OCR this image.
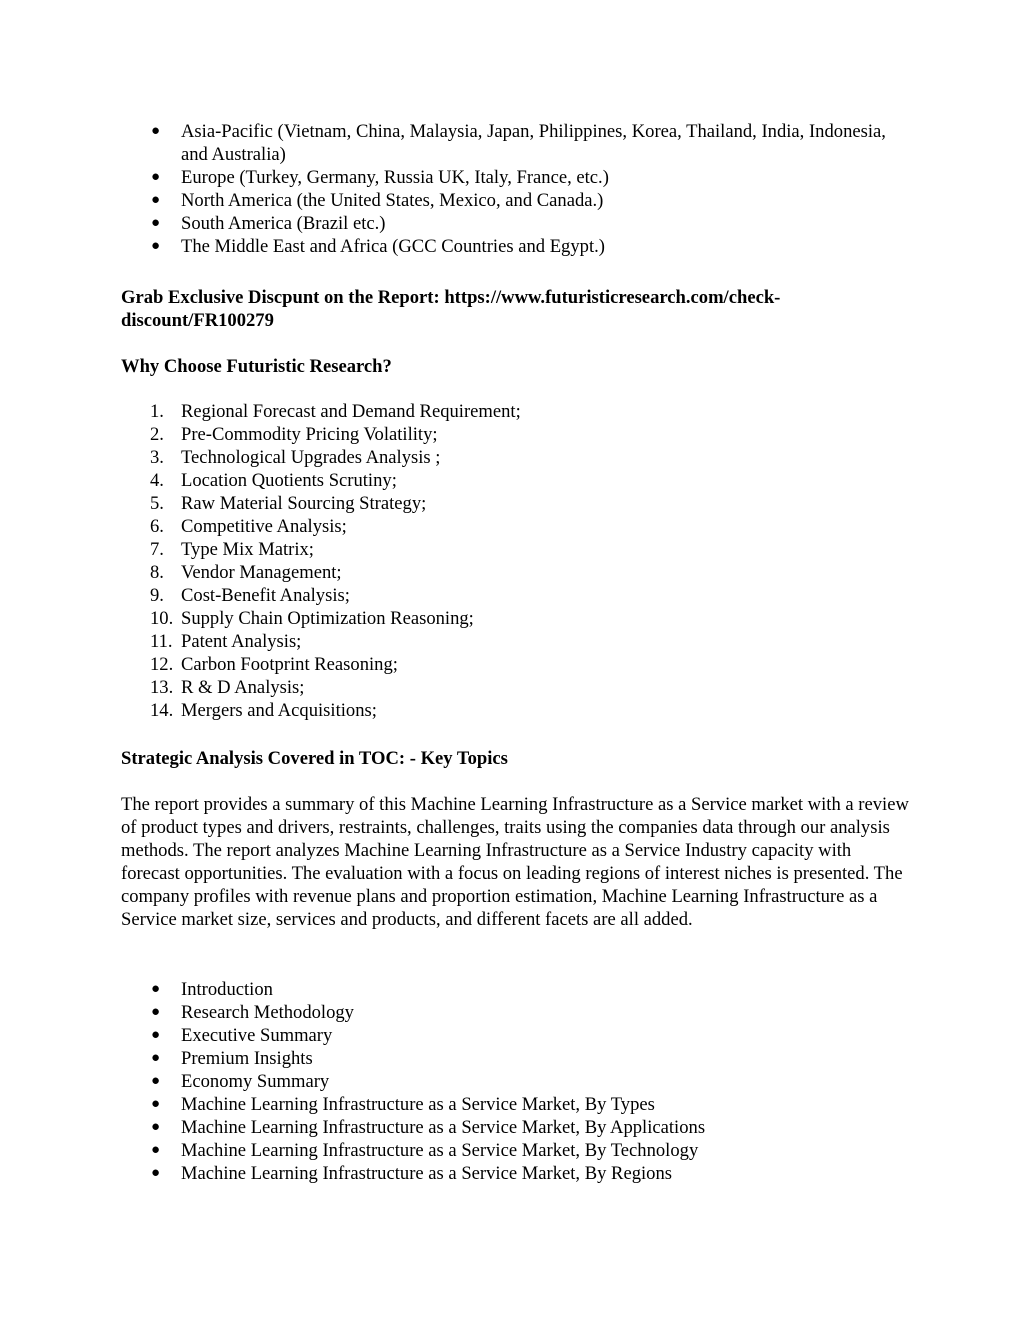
● Asia-Pacific (Vietnam, China, Malaysia, Japan, Philippines, Korea, Thailand, India, Indonesia, and Australia)
● Europe (Turkey, Germany, Russia UK, Italy, France, etc.)
● North America (the United States, Mexico, and Canada.)
● South America (Brazil etc.)
● The Middle East and Africa (GCC Countries and Egypt.)
Grab Exclusive Discpunt on the Report: https://www.futuristicresearch.com/check-discount/FR100279
Why Choose Futuristic Research?
1. Regional Forecast and Demand Requirement;
2. Pre-Commodity Pricing Volatility;
3. Technological Upgrades Analysis ;
4. Location Quotients Scrutiny;
5. Raw Material Sourcing Strategy;
6. Competitive Analysis;
7. Type Mix Matrix;
8. Vendor Management;
9. Cost-Benefit Analysis;
10. Supply Chain Optimization Reasoning;
11. Patent Analysis;
12. Carbon Footprint Reasoning;
13. R & D Analysis;
14. Mergers and Acquisitions;
Strategic Analysis Covered in TOC: - Key Topics

The report provides a summary of this Machine Learning Infrastructure as a Service market with a review of product types and drivers, restraints, challenges, traits using the companies data through our analysis methods. The report analyzes Machine Learning Infrastructure as a Service Industry capacity with forecast opportunities. The evaluation with a focus on leading regions of interest niches is presented. The company profiles with revenue plans and proportion estimation, Machine Learning Infrastructure as a Service market size, services and products, and different facets are all added.

● Introduction
● Research Methodology
● Executive Summary
● Premium Insights
● Economy Summary
● Machine Learning Infrastructure as a Service Market, By Types
● Machine Learning Infrastructure as a Service Market, By Applications
● Machine Learning Infrastructure as a Service Market, By Technology
● Machine Learning Infrastructure as a Service Market, By Regions
